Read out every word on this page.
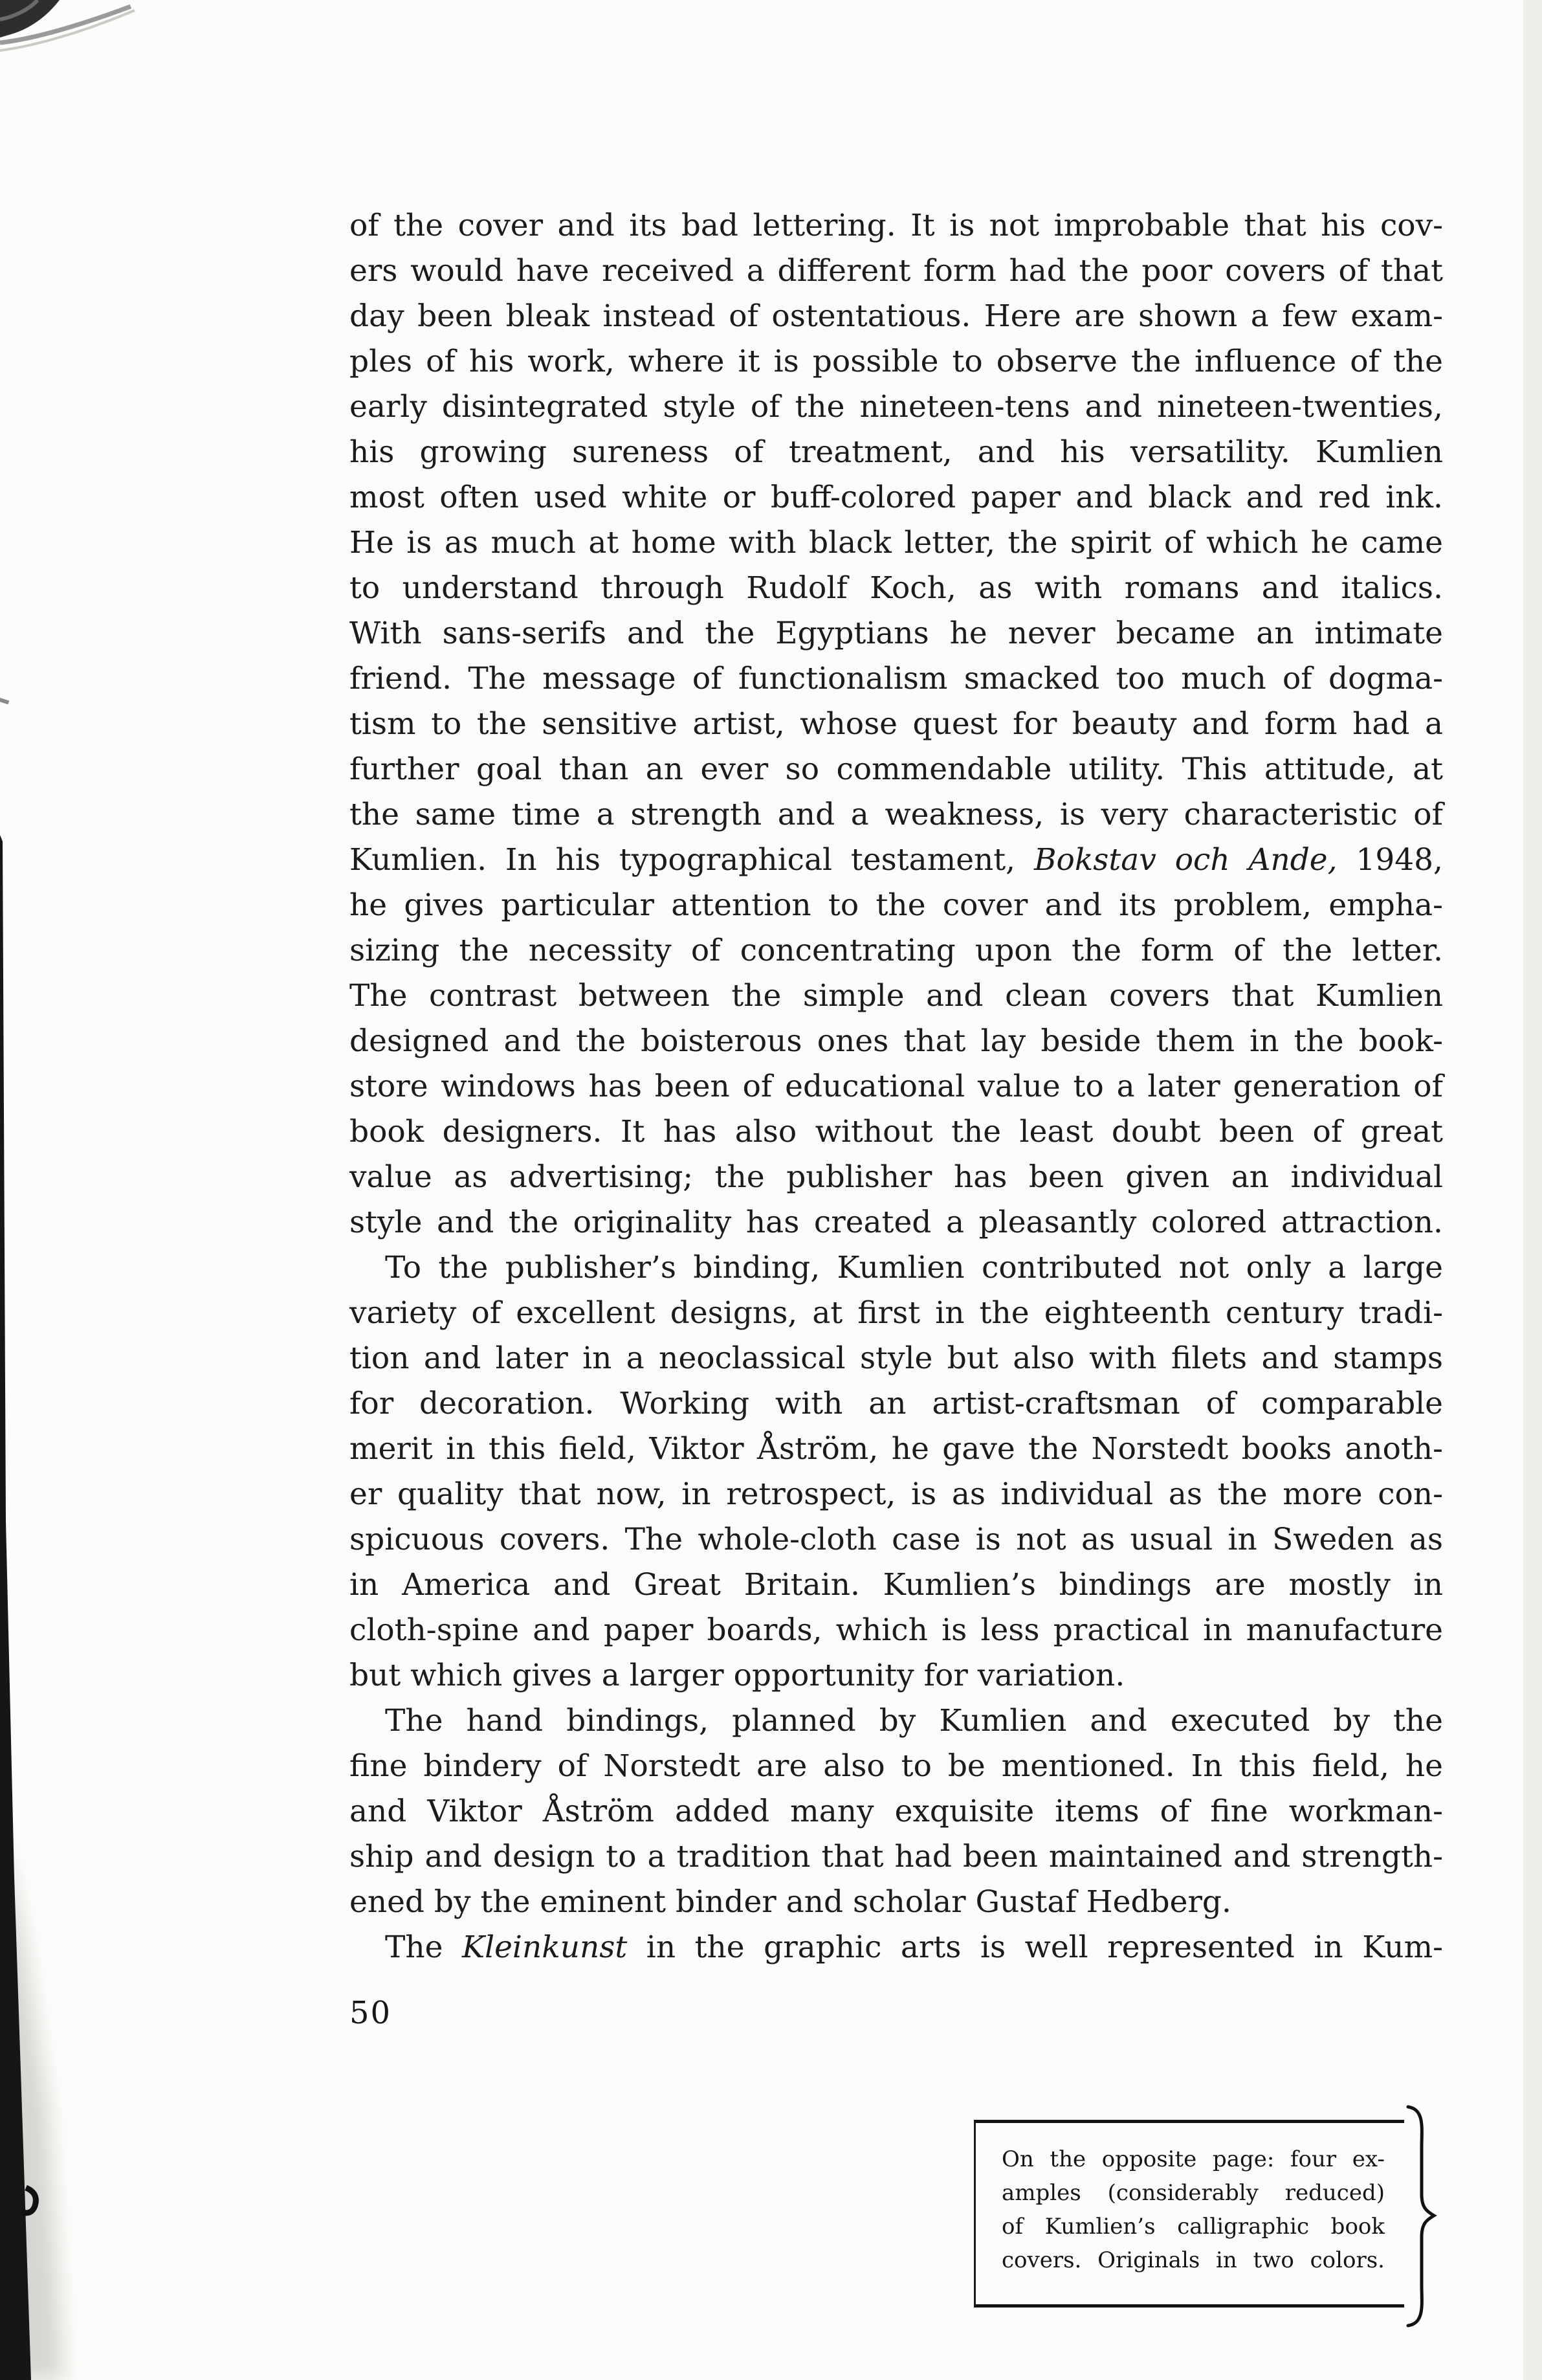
of the cover and its bad lettering. It is not improbable that his cov-
ers would have received a different form had the poor covers of that
day been bleak instead of ostentatious. Here are shown a few exam-
ples of his work, where it is possible to observe the influence of the
early disintegrated style of the nineteen-tens and nineteen-twenties,
his growing sureness of treatment, and his versatility. Kumlien
most often used white or buff-colored paper and black and red ink.
He is as much at home with black letter, the spirit of which he came
to understand through Rudolf Koch, as with romans and italics.
With sans-serifs and the Egyptians he never became an intimate
friend. The message of functionalism smacked too much of dogma-
tism to the sensitive artist, whose quest for beauty and form had a
further goal than an ever so commendable utility. This attitude, at
the same time a strength and a weakness, is very characteristic of
Kumlien. In his typographical testament, Bokstav och Ande, 1948,
he gives particular attention to the cover and its problem, empha-
sizing the necessity of concentrating upon the form of the letter.
The contrast between the simple and clean covers that Kumlien
designed and the boisterous ones that lay beside them in the book-
store windows has been of educational value to a later generation of
book designers. It has also without the least doubt been of great
value as advertising; the publisher has been given an individual
style and the originality has created a pleasantly colored attraction.
To the publisher’s binding, Kumlien contributed not only a large
variety of excellent designs, at first in the eighteenth century tradi-
tion and later in a neoclassical style but also with filets and stamps
for decoration. Working with an artist-craftsman of comparable
merit in this field, Viktor Åström, he gave the Norstedt books anoth-
er quality that now, in retrospect, is as individual as the more con-
spicuous covers. The whole-cloth case is not as usual in Sweden as
in America and Great Britain. Kumlien’s bindings are mostly in
cloth-spine and paper boards, which is less practical in manufacture
but which gives a larger opportunity for variation.
The hand bindings, planned by Kumlien and executed by the
fine bindery of Norstedt are also to be mentioned. In this field, he
and Viktor Åström added many exquisite items of fine workman-
ship and design to a tradition that had been maintained and strength-
ened by the eminent binder and scholar Gustaf Hedberg.
The Kleinkunst in the graphic arts is well represented in Kum-
50
On the opposite page: four ex-
amples (considerably reduced)
of Kumlien’s calligraphic book
covers. Originals in two colors.
